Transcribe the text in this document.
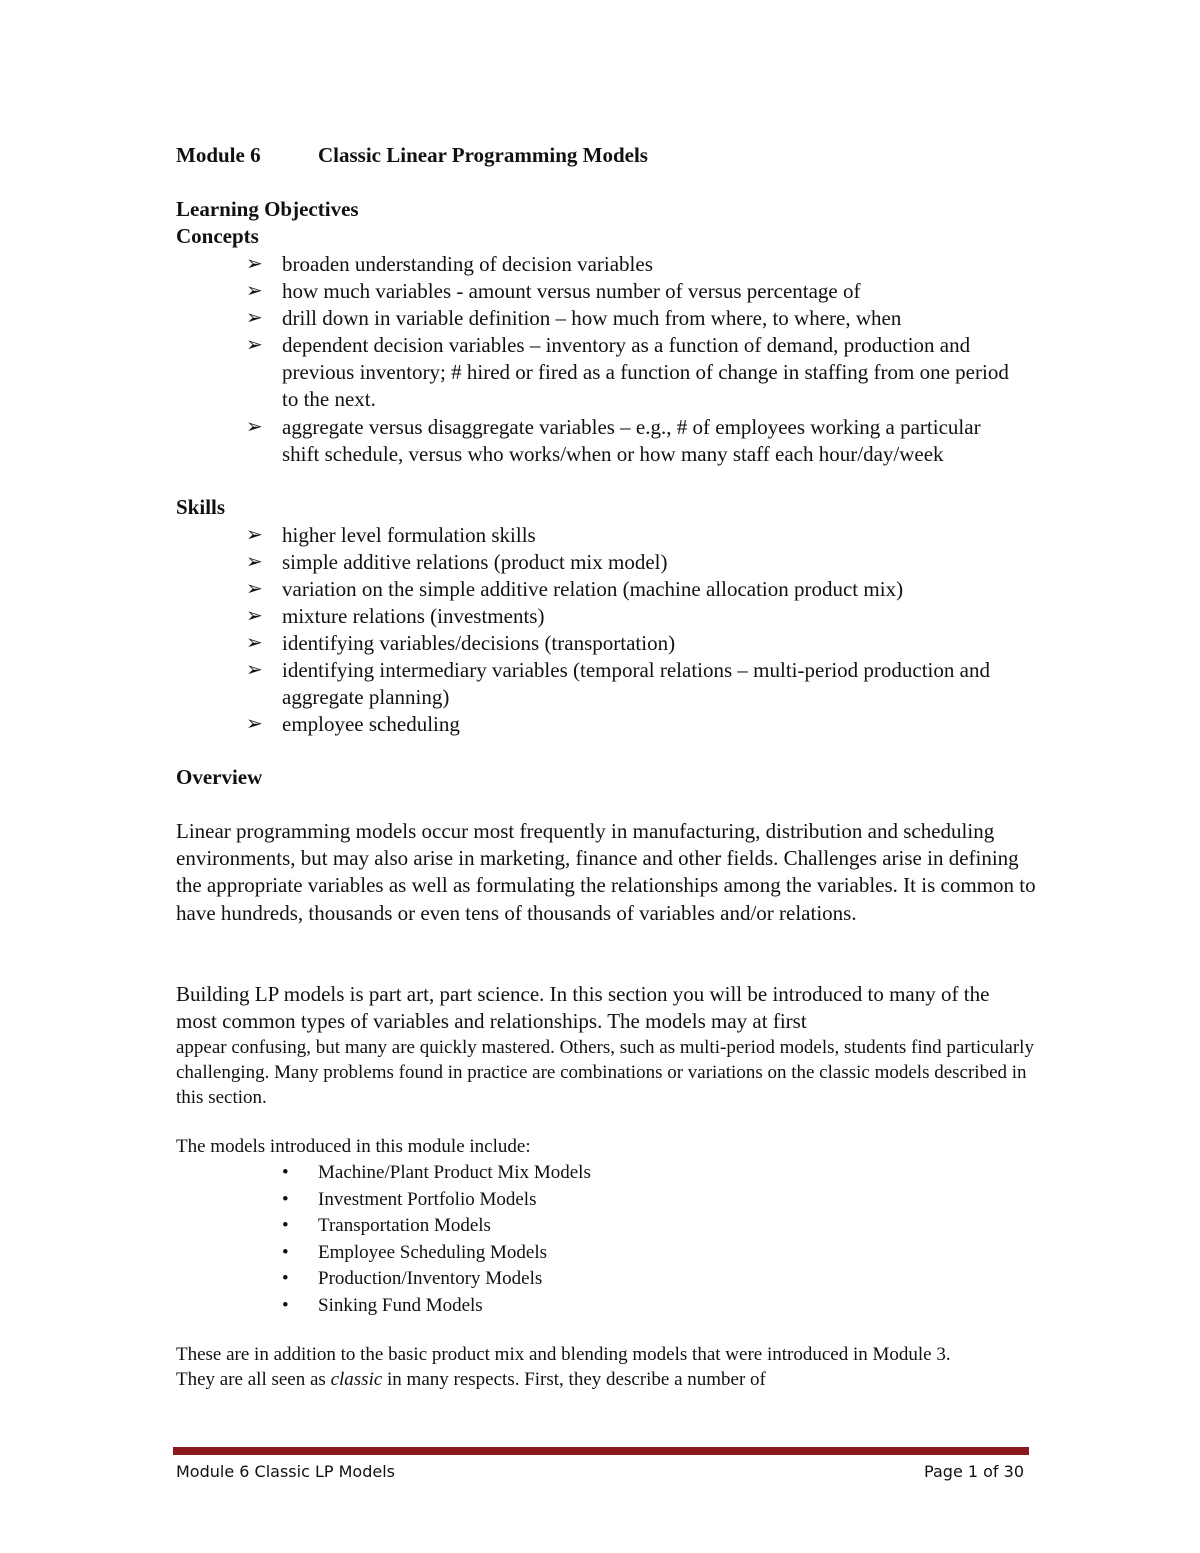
Module 6	Classic Linear Programming Models
Learning Objectives
Concepts
➢ broaden understanding of decision variables
➢ how much variables - amount versus number of versus percentage of
➢ drill down in variable definition – how much from where, to where, when
➢ dependent decision variables – inventory as a function of demand, production and previous inventory; # hired or fired as a function of change in staffing from one period to the next.
➢ aggregate versus disaggregate variables – e.g., # of employees working a particular shift schedule, versus who works/when or how many staff each hour/day/week
Skills
➢ higher level formulation skills
➢ simple additive relations (product mix model)
➢ variation on the simple additive relation (machine allocation product mix)
➢ mixture relations (investments)
➢ identifying variables/decisions (transportation)
➢ identifying intermediary variables (temporal relations – multi-period production and aggregate planning)
➢ employee scheduling
Overview
Linear programming models occur most frequently in manufacturing, distribution and scheduling environments, but may also arise in marketing, finance and other fields. Challenges arise in defining the appropriate variables as well as formulating the relationships among the variables. It is common to have hundreds, thousands or even tens of thousands of variables and/or relations.
Building LP models is part art, part science. In this section you will be introduced to many of the most common types of variables and relationships. The models may at first
appear confusing, but many are quickly mastered. Others, such as multi-period models, students find particularly challenging. Many problems found in practice are combinations or variations on the classic models described in this section.
The models introduced in this module include:
• Machine/Plant Product Mix Models
• Investment Portfolio Models
• Transportation Models
• Employee Scheduling Models
• Production/Inventory Models
• Sinking Fund Models
These are in addition to the basic product mix and blending models that were introduced in Module 3. They are all seen as classic in many respects. First, they describe a number of
Module 6 Classic LP Models	Page 1 of 30
